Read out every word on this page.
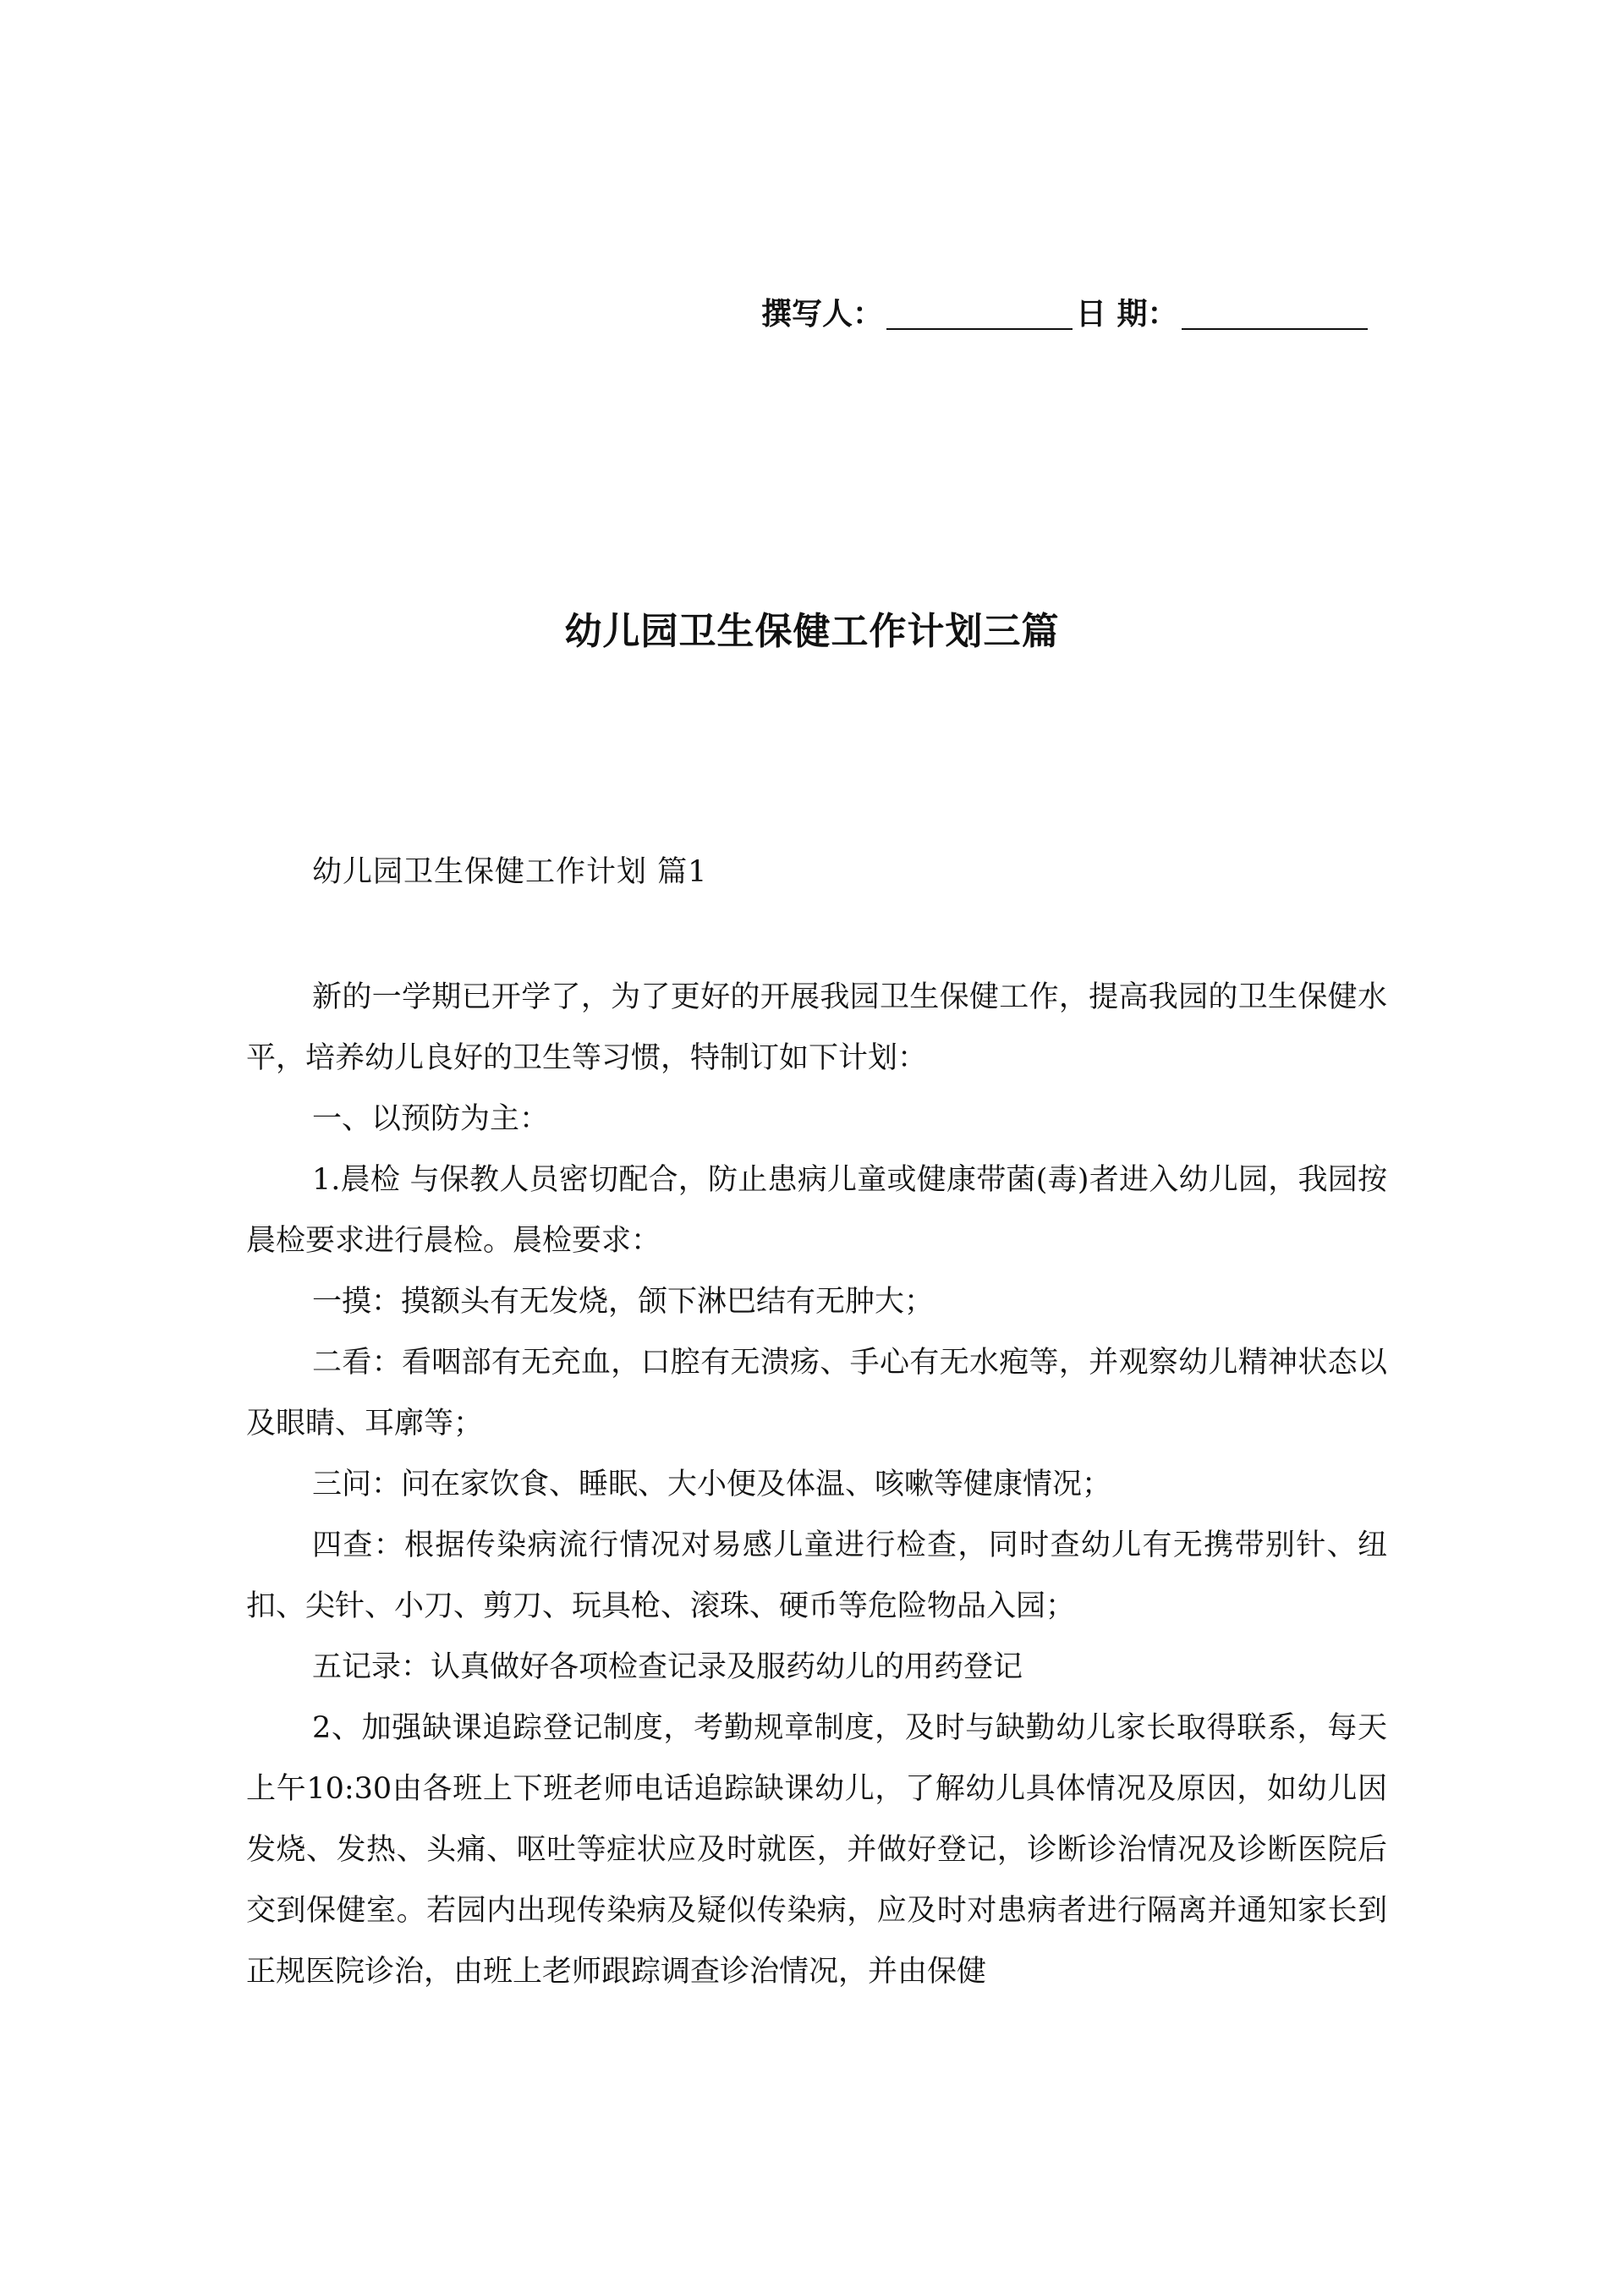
撰写人：	日 期：
幼儿园卫生保健工作计划三篇
幼儿园卫生保健工作计划 篇1

新的一学期已开学了，为了更好的开展我园卫生保健工作，提高我园的卫生保健水平，培养幼儿良好的卫生等习惯，特制订如下计划：

一、以预防为主：

1.晨检 与保教人员密切配合，防止患病儿童或健康带菌(毒)者进入幼儿园，我园按晨检要求进行晨检。晨检要求：

一摸：摸额头有无发烧，颌下淋巴结有无肿大；

二看：看咽部有无充血，口腔有无溃疡、手心有无水疱等，并观察幼儿精神状态以及眼睛、耳廓等；

三问：问在家饮食、睡眠、大小便及体温、咳嗽等健康情况；

四查：根据传染病流行情况对易感儿童进行检查，同时查幼儿有无携带别针、纽扣、尖针、小刀、剪刀、玩具枪、滚珠、硬币等危险物品入园；

五记录：认真做好各项检查记录及服药幼儿的用药登记

2、加强缺课追踪登记制度，考勤规章制度，及时与缺勤幼儿家长取得联系，每天上午10:30由各班上下班老师电话追踪缺课幼儿，了解幼儿具体情况及原因，如幼儿因发烧、发热、头痛、呕吐等症状应及时就医，并做好登记，诊断诊治情况及诊断医院后交到保健室。若园内出现传染病及疑似传染病，应及时对患病者进行隔离并通知家长到正规医院诊治，由班上老师跟踪调查诊治情况，并由保健
